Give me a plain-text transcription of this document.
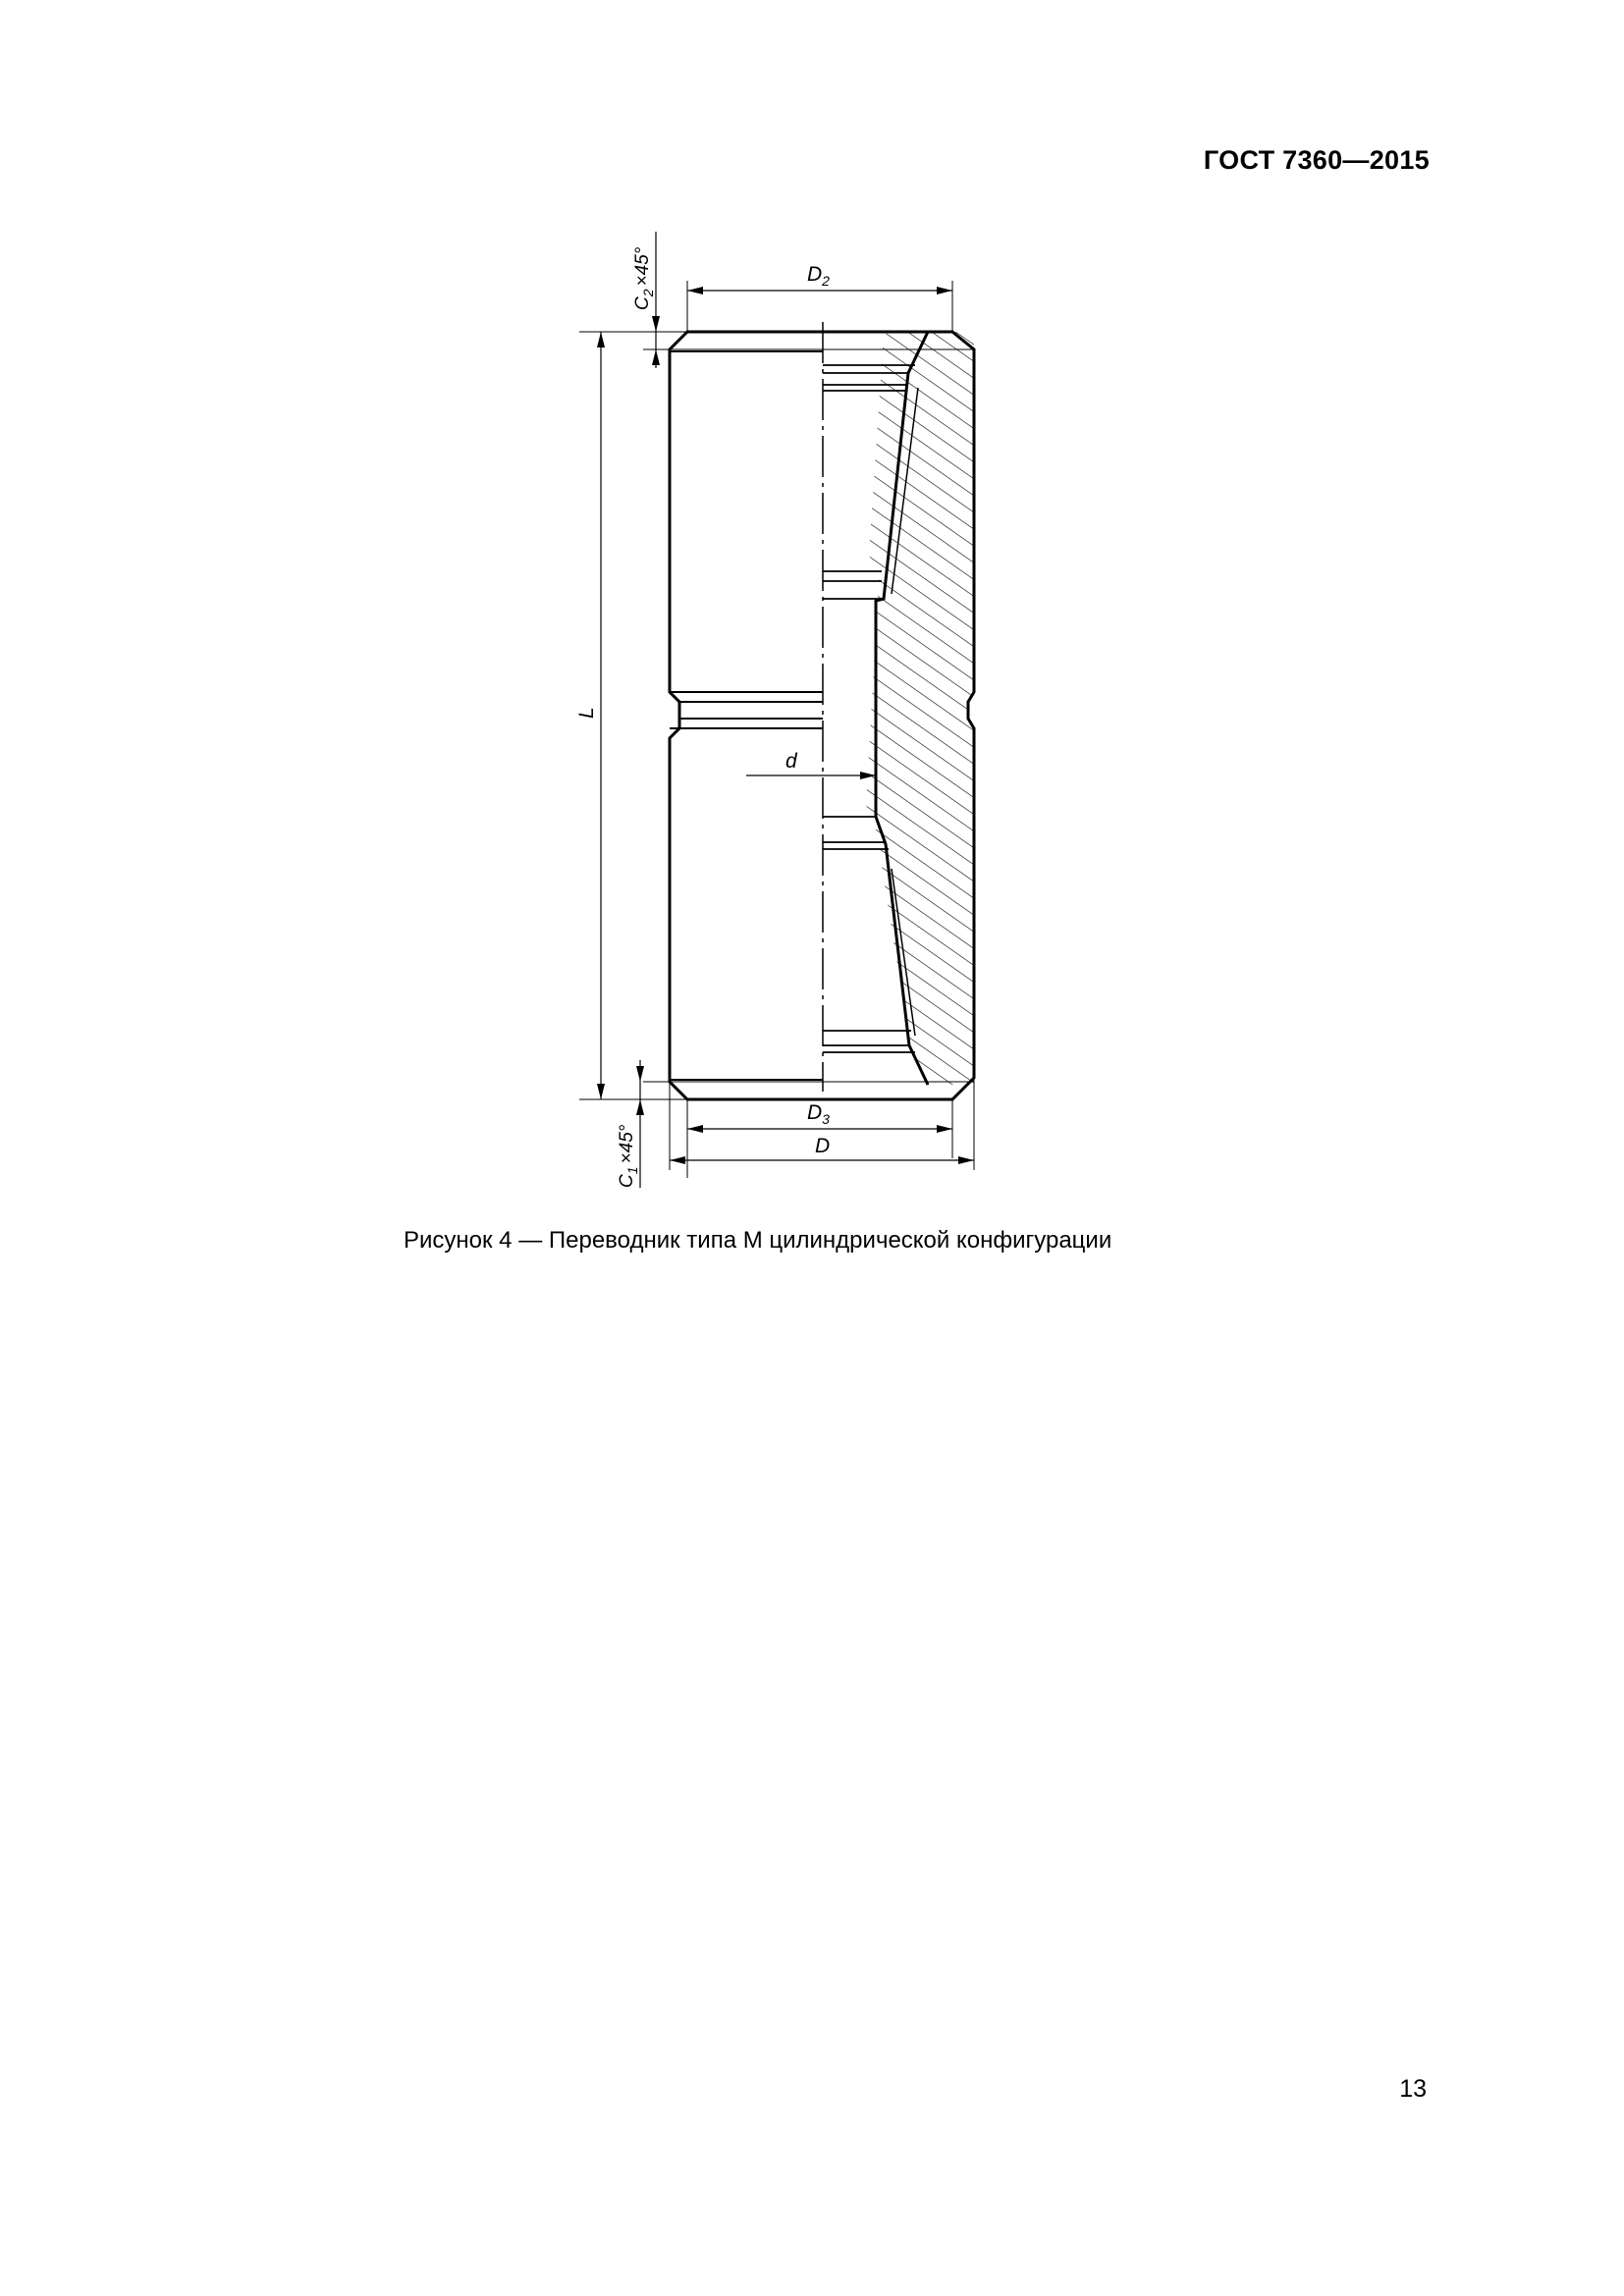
ГОСТ 7360—2015
$D_2$
$D_3$
D
d
L
$C_2\times 45^\circ$
$C_1\times 45^\circ$
Рисунок 4 — Переводник типа М цилиндрической конфигурации
13
